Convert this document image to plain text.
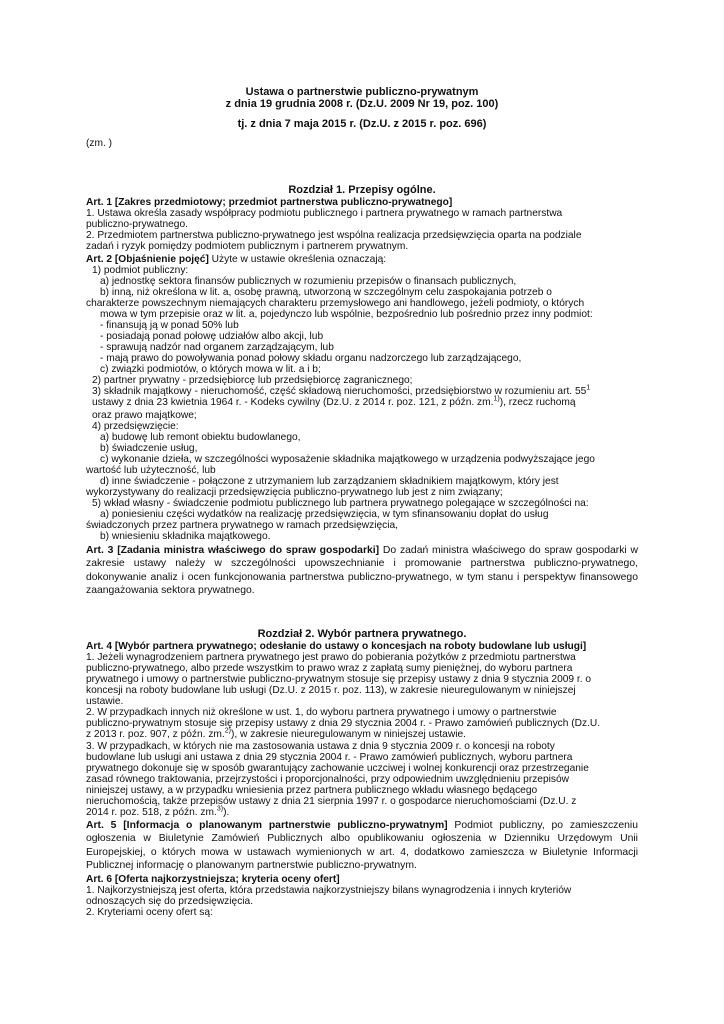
Ustawa o partnerstwie publiczno-prywatnym
z dnia 19 grudnia 2008 r. (Dz.U. 2009 Nr 19, poz. 100)
tj. z dnia 7 maja 2015 r. (Dz.U. z 2015 r. poz. 696)
(zm. )
Rozdział 1. Przepisy ogólne.
Art. 1 [Zakres przedmiotowy; przedmiot partnerstwa publiczno-prywatnego]
1. Ustawa określa zasady współpracy podmiotu publicznego i partnera prywatnego w ramach partnerstwa
publiczno-prywatnego.
2. Przedmiotem partnerstwa publiczno-prywatnego jest wspólna realizacja przedsięwzięcia oparta na podziale
zadań i ryzyk pomiędzy podmiotem publicznym i partnerem prywatnym.
Art. 2 [Objaśnienie pojęć] Użyte w ustawie określenia oznaczają:
1) podmiot publiczny:
a) jednostkę sektora finansów publicznych w rozumieniu przepisów o finansach publicznych,
b) inną, niż określona w lit. a, osobę prawną, utworzoną w szczególnym celu zaspokajania potrzeb o
charakterze powszechnym niemających charakteru przemysłowego ani handlowego, jeżeli podmioty, o których
mowa w tym przepisie oraz w lit. a, pojedynczo lub wspólnie, bezpośrednio lub pośrednio przez inny podmiot:
- finansują ją w ponad 50% lub
- posiadają ponad połowę udziałów albo akcji, lub
- sprawują nadzór nad organem zarządzającym, lub
- mają prawo do powoływania ponad połowy składu organu nadzorczego lub zarządzającego,
c) związki podmiotów, o których mowa w lit. a i b;
2) partner prywatny - przedsiębiorcę lub przedsiębiorcę zagranicznego;
3) składnik majątkowy - nieruchomość, część składową nieruchomości, przedsiębiorstwo w rozumieniu art. $55^1$
ustawy z dnia 23 kwietnia 1964 r. - Kodeks cywilny (Dz.U. z 2014 r. poz. 121, z późn. zm.$^{1)}$), rzecz ruchomą
oraz prawo majątkowe;
4) przedsięwzięcie:
a) budowę lub remont obiektu budowlanego,
b) świadczenie usług,
c) wykonanie dzieła, w szczególności wyposażenie składnika majątkowego w urządzenia podwyższające jego
wartość lub użyteczność, lub
d) inne świadczenie - połączone z utrzymaniem lub zarządzaniem składnikiem majątkowym, który jest
wykorzystywany do realizacji przedsięwzięcia publiczno-prywatnego lub jest z nim związany;
5) wkład własny - świadczenie podmiotu publicznego lub partnera prywatnego polegające w szczególności na:
a) poniesieniu części wydatków na realizację przedsięwzięcia, w tym sfinansowaniu dopłat do usług
świadczonych przez partnera prywatnego w ramach przedsięwzięcia,
b) wniesieniu składnika majątkowego.
Art. 3 [Zadania ministra właściwego do spraw gospodarki] Do zadań ministra właściwego do spraw gospodarki w zakresie ustawy należy w szczególności upowszechnianie i promowanie partnerstwa publiczno-prywatnego, dokonywanie analiz i ocen funkcjonowania partnerstwa publiczno-prywatnego, w tym stanu i perspektyw finansowego zaangażowania sektora prywatnego.
Rozdział 2. Wybór partnera prywatnego.
Art. 4 [Wybór partnera prywatnego; odesłanie do ustawy o koncesjach na roboty budowlane lub usługi]
1. Jeżeli wynagrodzeniem partnera prywatnego jest prawo do pobierania pożytków z przedmiotu partnerstwa
publiczno-prywatnego, albo przede wszystkim to prawo wraz z zapłatą sumy pieniężnej, do wyboru partnera
prywatnego i umowy o partnerstwie publiczno-prywatnym stosuje się przepisy ustawy z dnia 9 stycznia 2009 r. o
koncesji na roboty budowlane lub usługi (Dz.U. z 2015 r. poz. 113), w zakresie nieuregulowanym w niniejszej
ustawie.
2. W przypadkach innych niż określone w ust. 1, do wyboru partnera prywatnego i umowy o partnerstwie
publiczno-prywatnym stosuje się przepisy ustawy z dnia 29 stycznia 2004 r. - Prawo zamówień publicznych (Dz.U.
z 2013 r. poz. 907, z późn. zm.$^{2)}$), w zakresie nieuregulowanym w niniejszej ustawie.
3. W przypadkach, w których nie ma zastosowania ustawa z dnia 9 stycznia 2009 r. o koncesji na roboty
budowlane lub usługi ani ustawa z dnia 29 stycznia 2004 r. - Prawo zamówień publicznych, wyboru partnera
prywatnego dokonuje się w sposób gwarantujący zachowanie uczciwej i wolnej konkurencji oraz przestrzeganie
zasad równego traktowania, przejrzystości i proporcjonalności, przy odpowiednim uwzględnieniu przepisów
niniejszej ustawy, a w przypadku wniesienia przez partnera publicznego wkładu własnego będącego
nieruchomością, także przepisów ustawy z dnia 21 sierpnia 1997 r. o gospodarce nieruchomościami (Dz.U. z
2014 r. poz. 518, z późn. zm.$^{3)}$).
Art. 5 [Informacja o planowanym partnerstwie publiczno-prywatnym] Podmiot publiczny, po zamieszczeniu ogłoszenia w Biuletynie Zamówień Publicznych albo opublikowaniu ogłoszenia w Dzienniku Urzędowym Unii Europejskiej, o których mowa w ustawach wymienionych w art. 4, dodatkowo zamieszcza w Biuletynie Informacji Publicznej informację o planowanym partnerstwie publiczno-prywatnym.
Art. 6 [Oferta najkorzystniejsza; kryteria oceny ofert]
1. Najkorzystniejszą jest oferta, która przedstawia najkorzystniejszy bilans wynagrodzenia i innych kryteriów
odnoszących się do przedsięwzięcia.
2. Kryteriami oceny ofert są:
